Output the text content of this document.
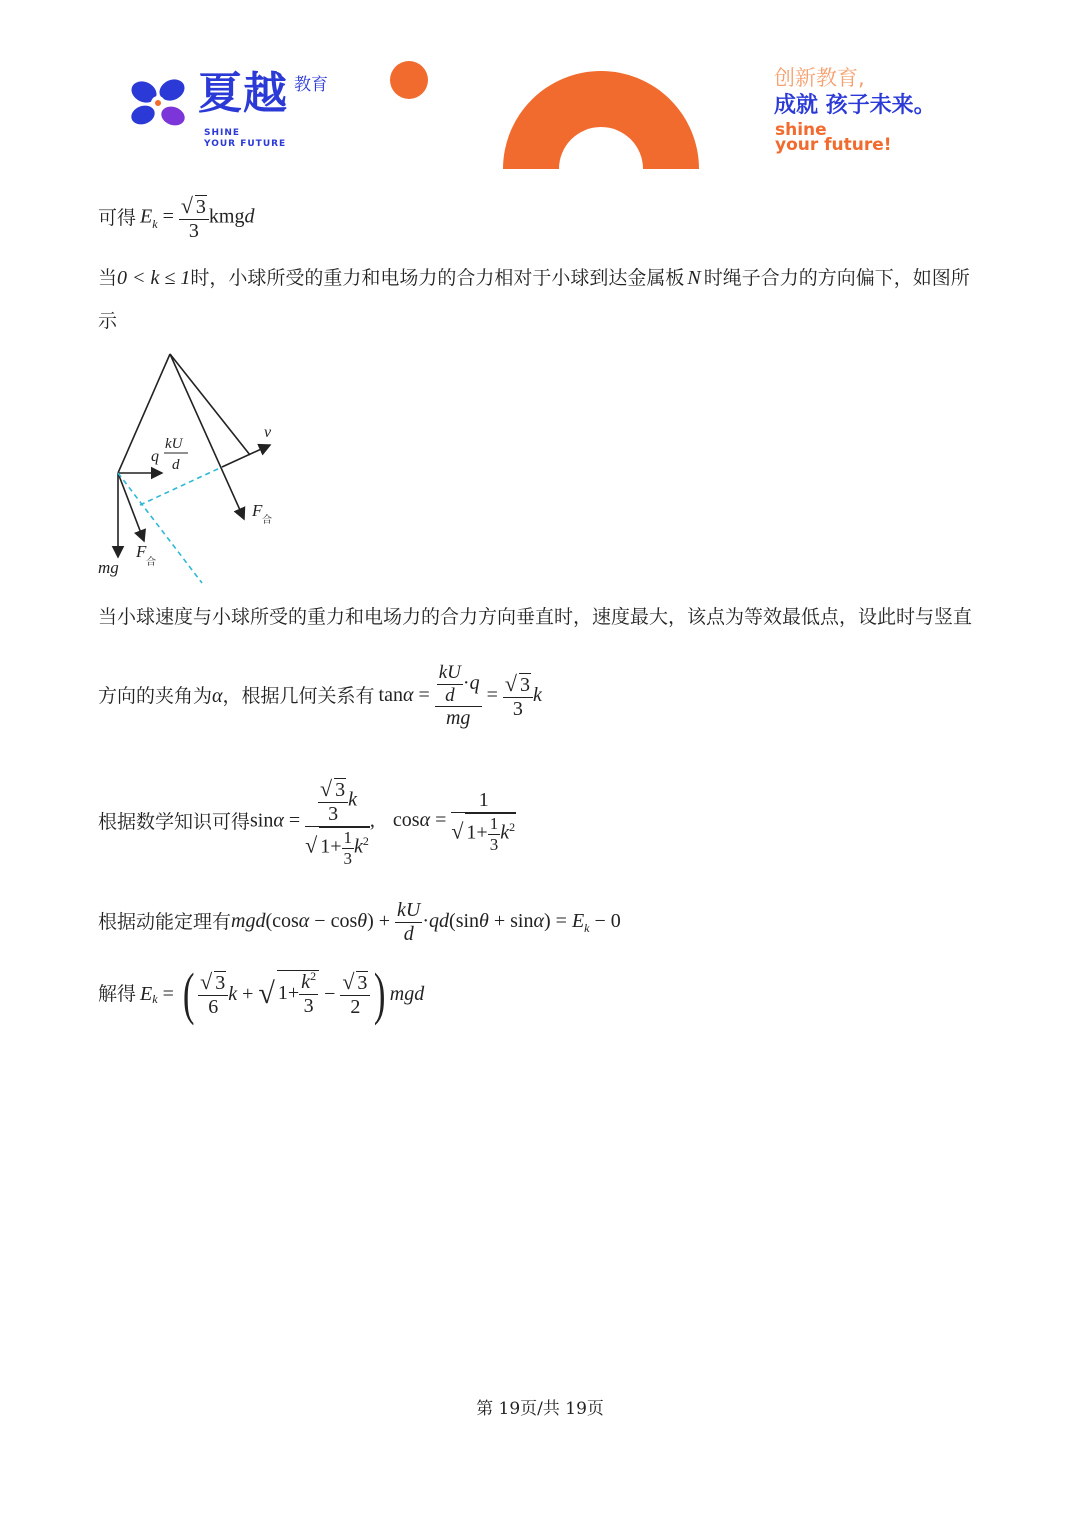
夏越 教育
SHINE
YOUR FUTURE
创新教育,
成就 孩子未来。
shine
your future!
可得 $E_k = \frac{√ 3}{3}$ kmgd
当0 < k ≤ 1时，小球所受的重力和电场力的合力相对于小球到达金属板 N 时绳子合力的方向偏下，如图所
示
v
F
合
F
合
mg
q
kU
d
当小球速度与小球所受的重力和电场力的合力方向垂直时，速度最大，该点为等效最低点，设此时与竖直
方向的夹角为 α ，根据几何关系有 $\tan\alpha = \frac{\frac{kU}{d} \cdot q}{mg} = \frac{√ 3}{3}$ k
根据数学知识可得 $\sin\alpha = \frac{\frac{√ 3}{3} k}{√ 1+ \frac{1}{3} k^2}$ , $\cos\alpha = \frac{1}{√ 1+ \frac{1}{3} k^2}$
根据动能定理有 $mgd(\cos\alpha - \cos\theta) + \frac{kU}{d} \cdot qd(\sin\theta + \sin\alpha) = E_k - 0$
解得 E k = ( $\frac{√ 3}{6}$ k + √ $1+ \frac{k^2}{3} - \frac{√ 3}{2}$ ) mgd
第 19页/共 19页
